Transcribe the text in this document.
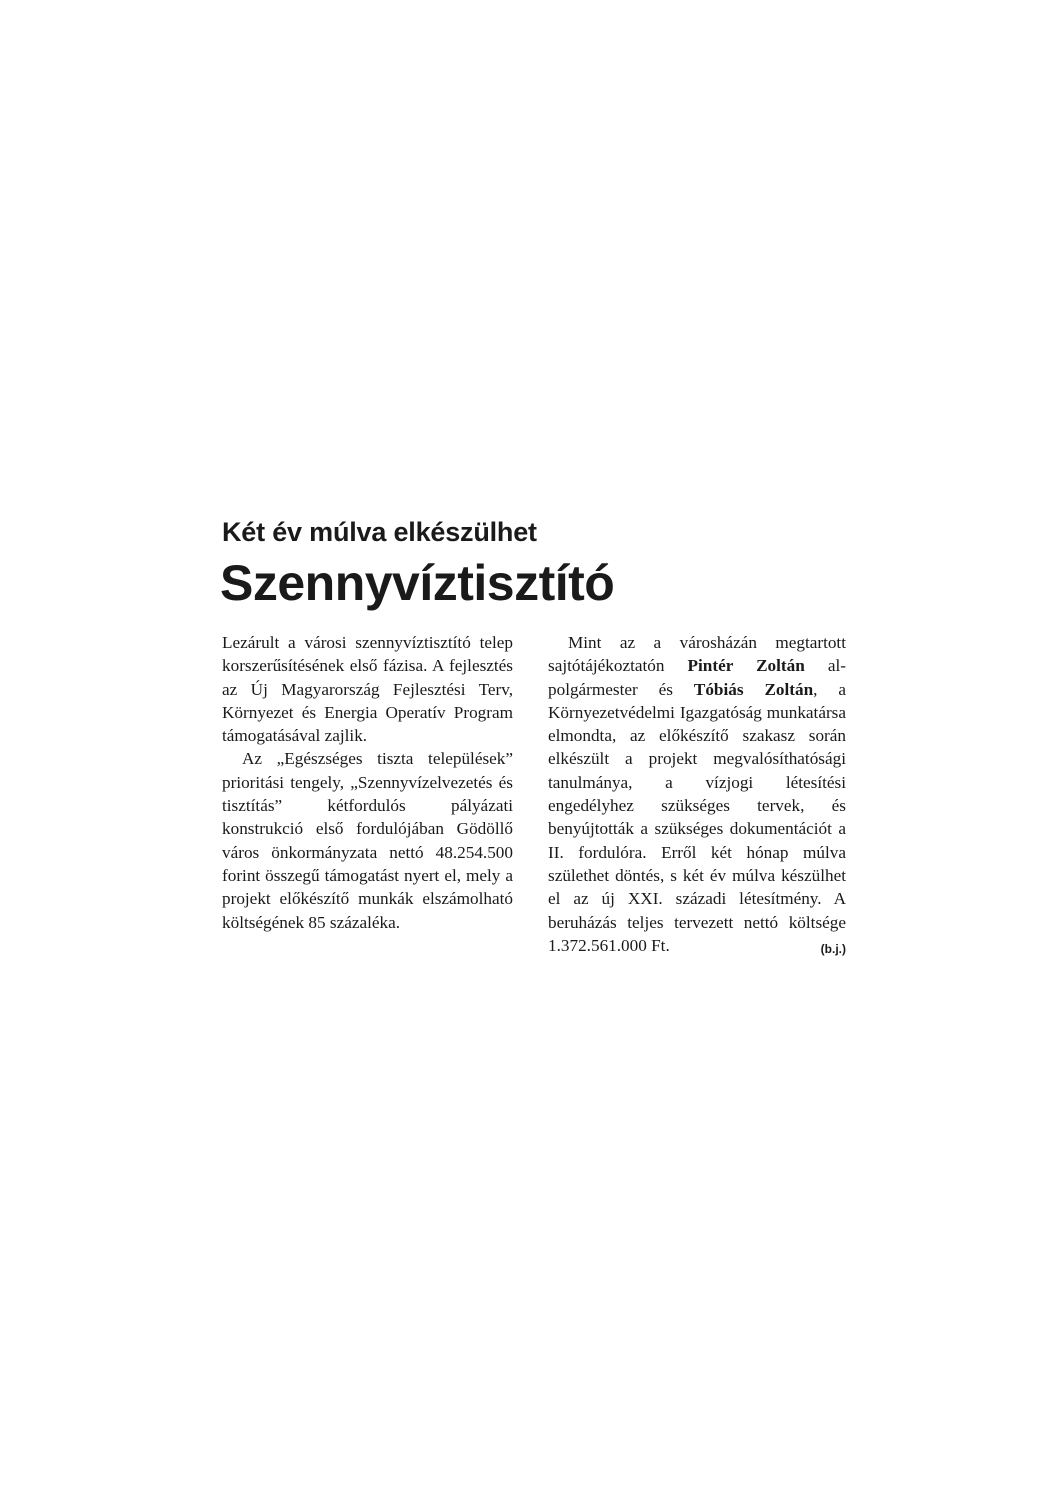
Két év múlva elkészülhet
Szennyvíztisztító

Lezárult a városi szennyvíztisztító telep korszerűsítésének első fázisa. A fejlesztés az Új Magyarország Fejlesztési Terv, Környezet és Energia Operatív Program támogatásával zajlik.

Az „Egészséges tiszta települések” prioritási tengely, „Szennyvízelvezetés és tisztítás” kétfordulós pályázati konstrukció első fordulójában Gödöllő város önkormányzata nettó 48.254.500 forint összegű támogatást nyert el, mely a projekt előkészítő munkák elszámolható költségének 85 százaléka.

Mint az a városházán megtartott sajtótájékoztatón Pintér Zoltán alpolgármester és Tóbiás Zoltán, a Környezetvédelmi Igazgatóság munkatársa elmondta, az előkészítő szakasz során elkészült a projekt megvalósíthatósági tanulmánya, a vízjogi létesítési engedélyhez szükséges tervek, és benyújtották a szükséges dokumentációt a II. fordulóra. Erről két hónap múlva születhet döntés, s két év múlva készülhet el az új XXI. századi létesítmény. A beruházás teljes tervezett nettó költsége 1.372.561.000 Ft.	(b.j.)
